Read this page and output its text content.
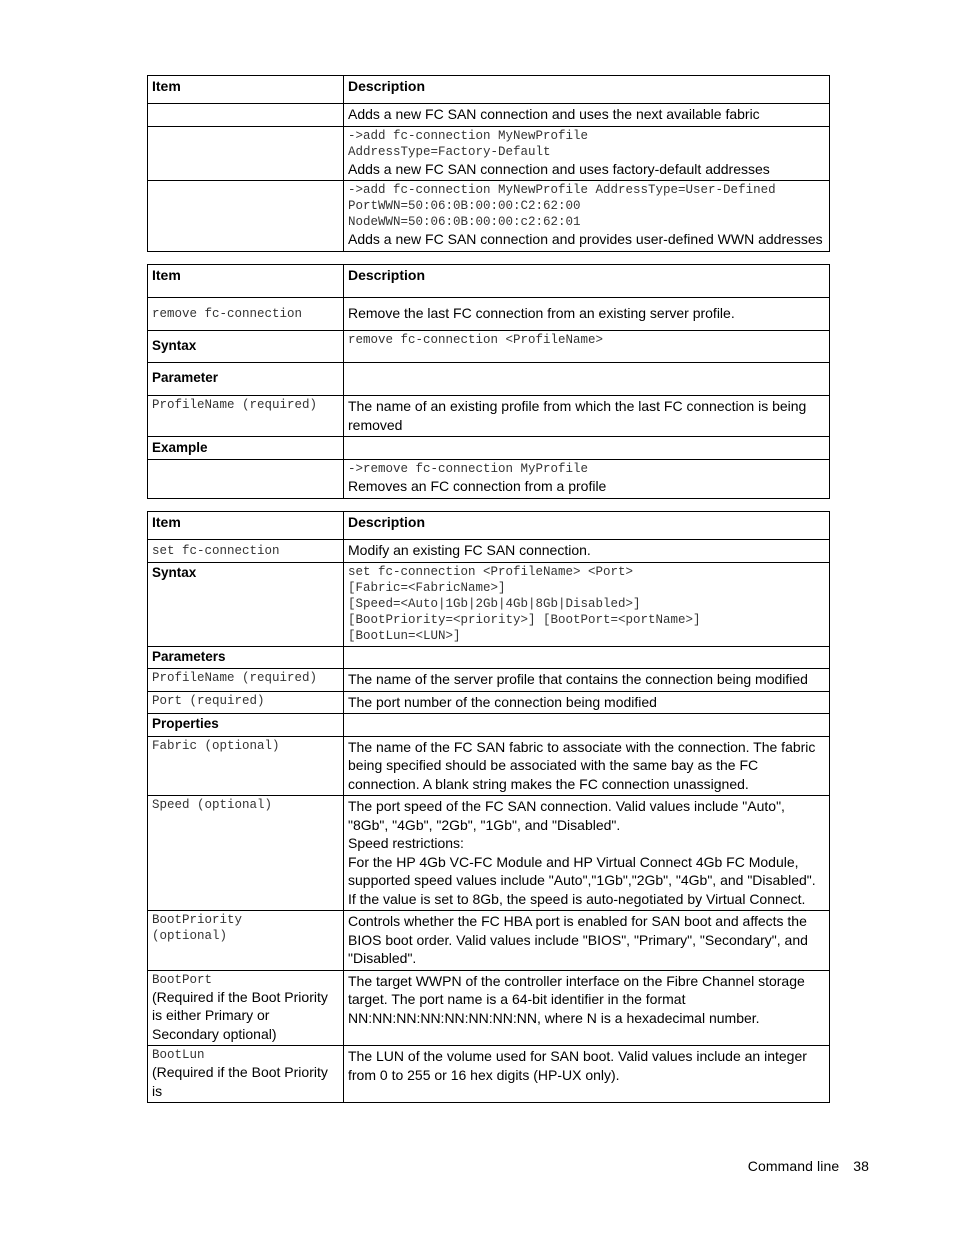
Item	Description
	Adds a new FC SAN connection and uses the next available fabric

	->add fc-connection MyNewProfile
AddressType=Factory-Default
Adds a new FC SAN connection and uses factory-default addresses

	->add fc-connection MyNewProfile AddressType=User-Defined
PortWWN=50:06:0B:00:00:C2:62:00
NodeWWN=50:06:0B:00:00:c2:62:01
Adds a new FC SAN connection and provides user-defined WWN addresses
Item	Description

remove fc-connection	Remove the last FC connection from an existing server profile.
Syntax	remove fc-connection <ProfileName>

Parameter	

ProfileName (required)	The name of an existing profile from which the last FC connection is being removed
Example	

	->remove fc-connection MyProfile
Removes an FC connection from a profile
Item	Description

set fc-connection	Modify an existing FC SAN connection.
Syntax	set fc-connection <ProfileName> <Port>
[Fabric=<FabricName>]
[Speed=<Auto|1Gb|2Gb|4Gb|8Gb|Disabled>]
[BootPriority=<priority>] [BootPort=<portName>]
[BootLun=<LUN>]

Parameters	

ProfileName (required)	The name of the server profile that contains the connection being modified

Port (required)	The port number of the connection being modified
Properties	

Fabric (optional)	The name of the FC SAN fabric to associate with the connection. The fabric being specified should be associated with the same bay as the FC connection. A blank string makes the FC connection unassigned.

Speed (optional)	The port speed of the FC SAN connection. Valid values include "Auto", "8Gb", "4Gb", "2Gb", "1Gb", and "Disabled".
Speed restrictions:
For the HP 4Gb VC-FC Module and HP Virtual Connect 4Gb FC Module, supported speed values include "Auto","1Gb","2Gb", "4Gb", and "Disabled". If the value is set to 8Gb, the speed is auto-negotiated by Virtual Connect.

BootPriority
(optional)	Controls whether the FC HBA port is enabled for SAN boot and affects the BIOS boot order. Valid values include "BIOS", "Primary", "Secondary", and "Disabled".

BootPort
(Required if the Boot Priority is either Primary or Secondary optional)	The target WWPN of the controller interface on the Fibre Channel storage target. The port name is a 64-bit identifier in the format NN:NN:NN:NN:NN:NN:NN:NN, where N is a hexadecimal number.

BootLun
(Required if the Boot Priority is	The LUN of the volume used for SAN boot. Valid values include an integer from 0 to 255 or 16 hex digits (HP-UX only).
Command line 38
